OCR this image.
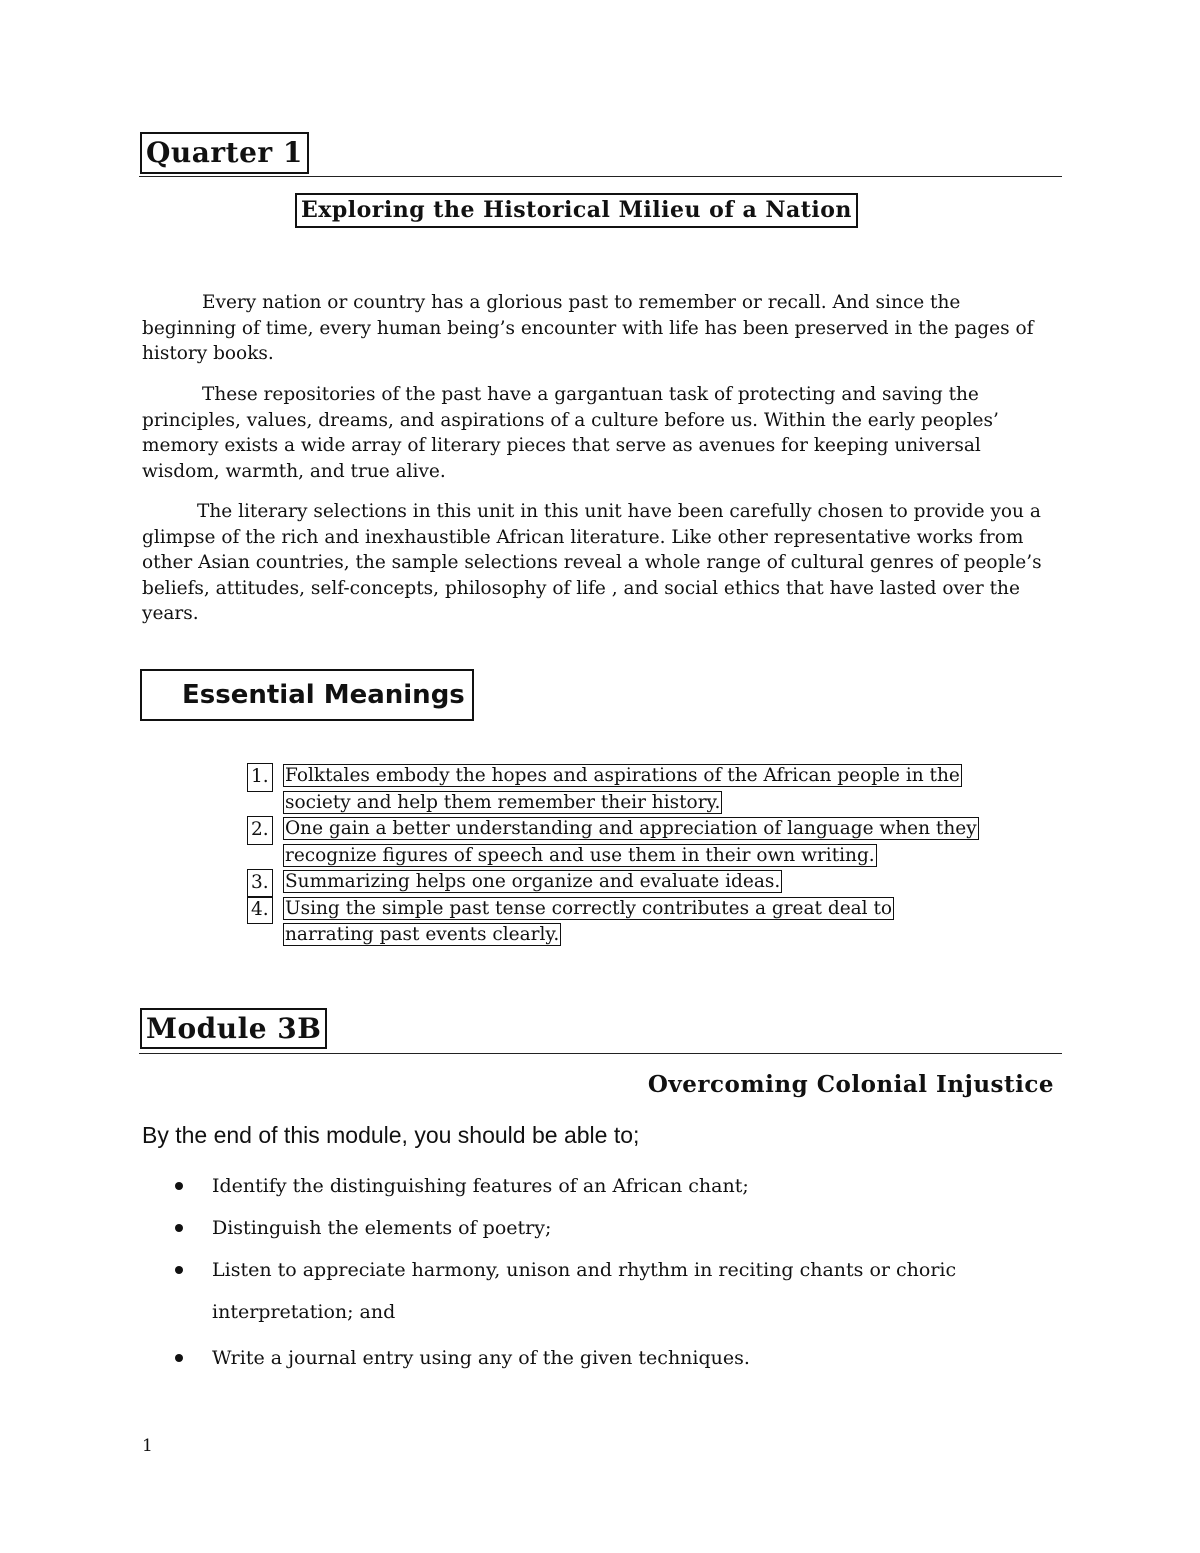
Quarter 1
Exploring the Historical Milieu of a Nation

Every nation or country has a glorious past to remember or recall. And since the beginning of time, every human being’s encounter with life has been preserved in the pages of history books.

These repositories of the past have a gargantuan task of protecting and saving the principles, values, dreams, and aspirations of a culture before us. Within the early peoples’ memory exists a wide array of literary pieces that serve as avenues for keeping universal wisdom, warmth, and true alive.

The literary selections in this unit in this unit have been carefully chosen to provide you a glimpse of the rich and inexhaustible African literature. Like other representative works from other Asian countries, the sample selections reveal a whole range of cultural genres of people’s beliefs, attitudes, self-concepts, philosophy of life , and social ethics that have lasted over the years.

Essential Meanings
1. Folktales embody the hopes and aspirations of the African people in the
society and help them remember their history.
2. One gain a better understanding and appreciation of language when they
recognize figures of speech and use them in their own writing.
3. Summarizing helps one organize and evaluate ideas.
4. Using the simple past tense correctly contributes a great deal to
narrating past events clearly.
Module 3B
Overcoming Colonial Injustice
By the end of this module, you should be able to;
Identify the distinguishing features of an African chant;
Distinguish the elements of poetry;
Listen to appreciate harmony, unison and rhythm in reciting chants or choric interpretation; and
Write a journal entry using any of the given techniques.
1
